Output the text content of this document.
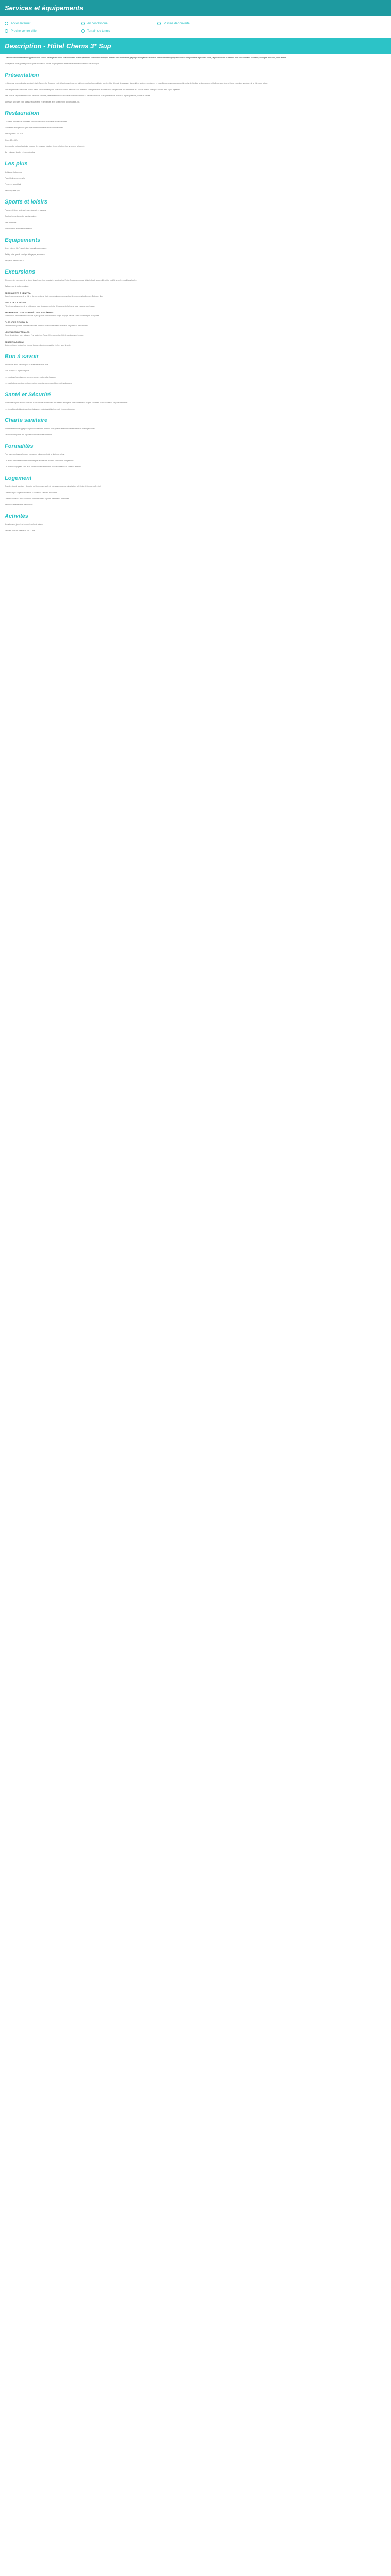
Services et équipements
Accès Internet	Air conditionné	Piscine découverte
Proche centre-ville	Terrain de tennis
Description - Hôtel Chems 3* Sup

Le Maroc est une destination appréciée tout l'année. La Royaume invite à la découverte de son patrimoine culturel aux multiples facettes. Une diversité de paysages incroyables : sublimes ambiances et magnifiques canyons composent la région de Kénitra, la plus moderne et belle du pays. Une véritable excursion, au départ de la ville, vous attend.

Au départ de l'hôtel, partez pour un après-midi dans la nature. Au programme, visite des lieux et découverte du site historique.

Présentation

Le Maroc est une destination appréciée toute l'année. Le Royaume invite à la découverte de son patrimoine culturel aux multiples facettes. Une diversité de paysages incroyables : sublimes ambiances et magnifiques canyons composent la région de Kénitra, la plus moderne et belle du pays. Une véritable excursion, au départ de la ville, vous attend.

Situé en plein cœur de la ville, l'hôtel Chems est idéalement placé pour découvrir les alentours. Les chambres sont spacieuses et confortables. Le personnel est attentionné et à l'écoute de ses hôtes pour rendre votre séjour agréable.

Idéal pour un séjour détente ou une escapade culturelle, l'établissement vous accueille chaleureusement. La piscine extérieure et les jardins fleuris invitent au repos après une journée de visites.

Notre avis sur l'hôtel : une adresse accueillante et bien située, avec un excellent rapport qualité-prix.

Restauration

Le Chems dispose d'un restaurant servant une cuisine marocaine et internationale.

Formule en demi-pension : petit déjeuner et dîner servis sous forme de buffet.

Petit déjeuner : 7h - 10h

Dîner : 19h - 22h

Un snack-bar près de la piscine propose des boissons fraîches et des collations tout au long de la journée.

Bar : boissons locales et internationales.

Les plus

Ambiance chaleureuse

Place idéale en centre-ville

Personnel accueillant

Rapport qualité-prix

Sports et loisirs

Piscine extérieure aménagée avec transats et parasols.

Court de tennis disponible sur réservation.

Salle de fitness.

Animations en soirée selon la saison.

Equipements

Accès Internet Wi-Fi gratuit dans les parties communes.

Parking privé gratuit, consigne à bagages, ascenseur.

Réception ouverte 24h/24.

Excursions

Découvrez les richesses de la région lors d'excursions organisées au départ de l'hôtel. Programme donné à titre indicatif, susceptible d'être modifié selon les conditions locales.

Tarifs en sus, à régler sur place.

DÉCOUVERTE À KÉNITRA

Journée de découverte de la ville et de ses environs, visite des principaux monuments et des marchés traditionnels. Déjeuner libre.

VISITE DE LA MÉDINA

Flânerie dans les ruelles de la médina, au cœur des souks animés. Découverte de l'artisanat local : poterie, cuir, tissage.

PROMENADE DANS LA FORÊT DE LA MAÂMORA

Excursion en pleine nature au sein de la plus grande forêt de chênes-lièges du pays. Balade à pied accompagnée d'un guide.

CASCADES D'OUZOUD

Départ matinal pour les célèbres cascades, parmi les plus spectaculaires du Maroc. Déjeuner au bord de l'eau.

LES VILLES IMPÉRIALES

Circuit de plusieurs jours à travers Fès, Meknès et Rabat. Hébergement en hôtels, demi-pension incluse.

DÉSERT D'AGAFAY

Après-midi dans le désert de pierres, balade à dos de dromadaire et dîner sous la tente.

Bon à savoir

Prévoir une tenue correcte pour la visite des lieux de culte.

Taxe de séjour à régler sur place.

Les horaires d'ouverture des services peuvent varier selon la saison.

Les installations sportives sont accessibles sous réserve des conditions météorologiques.

Santé et Sécurité

Avant votre départ, veuillez consulter le site internet du ministère des Affaires étrangères pour connaître les risques sanitaires et sécuritaires du pays de destination.

Les formalités administratives et sanitaires sont indiquées à titre informatif et peuvent évoluer.

Charte sanitaire

Notre établissement applique un protocole sanitaire renforcé pour garantir la sécurité de ses clients et de son personnel.

Désinfection régulière des espaces communs et des chambres.

Formalités

Pour les ressortissants français : passeport valide pour toute la durée du séjour.

Les autres nationalités doivent se renseigner auprès des autorités consulaires compétentes.

Les mineurs voyageant sans leurs parents doivent être munis d'une autorisation de sortie du territoire.

Logement

Chambre double standard : lit double ou lits jumeaux, salle de bains avec douche, climatisation, télévision, téléphone, coffre-fort.

Chambre triple : capacité maximum 3 adultes ou 2 adultes et 1 enfant.

Chambre familiale : deux chambres communicantes, capacité maximum 4 personnes.

Balcon ou terrasse selon disponibilité.

Activités

Animations en journée et en soirée selon la saison.

Mini-club pour les enfants de 4 à 12 ans.
